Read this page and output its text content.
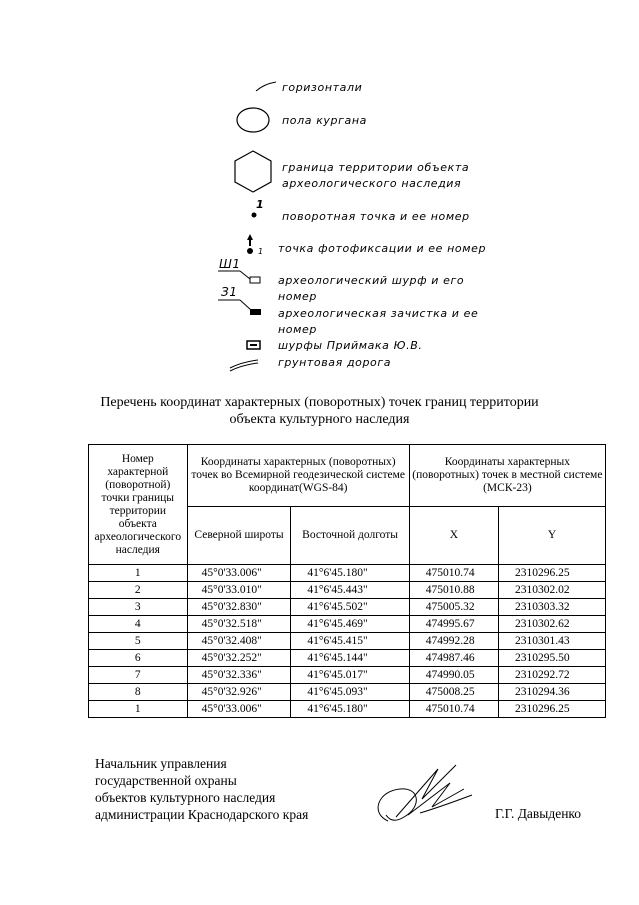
горизонтали
пола кургана
граница территории объекта
археологического наследия
1
поворотная точка и ее номер
1 точка фотофиксации и ее номер
Ш1
археологический шурф и его
номер
З1
археологическая зачистка и ее
номер
шурфы Приймака Ю.В.
грунтовая дорога
Перечень координат характерных (поворотных) точек границ территории
объекта культурного наследия
Номер характерной (поворотной) точки границы территории объекта археологического наследия	Координаты характерных (поворотных) точек во Всемирной геодезической системе координат(WGS-84)		Координаты характерных (поворотных) точек в местной системе (МСК-23)	
	Северной широты	Восточной долготы	X	Y
1	45°0'33.006"	41°6'45.180"	475010.74	2310296.25
2	45°0'33.010"	41°6'45.443"	475010.88	2310302.02
3	45°0'32.830"	41°6'45.502"	475005.32	2310303.32
4	45°0'32.518"	41°6'45.469"	474995.67	2310302.62
5	45°0'32.408"	41°6'45.415"	474992.28	2310301.43
6	45°0'32.252"	41°6'45.144"	474987.46	2310295.50
7	45°0'32.336"	41°6'45.017"	474990.05	2310292.72
8	45°0'32.926"	41°6'45.093"	475008.25	2310294.36
1	45°0'33.006"	41°6'45.180"	475010.74	2310296.25
Начальник управления
государственной охраны
объектов культурного наследия
администрации Краснодарского края	Г.Г. Давыденко
